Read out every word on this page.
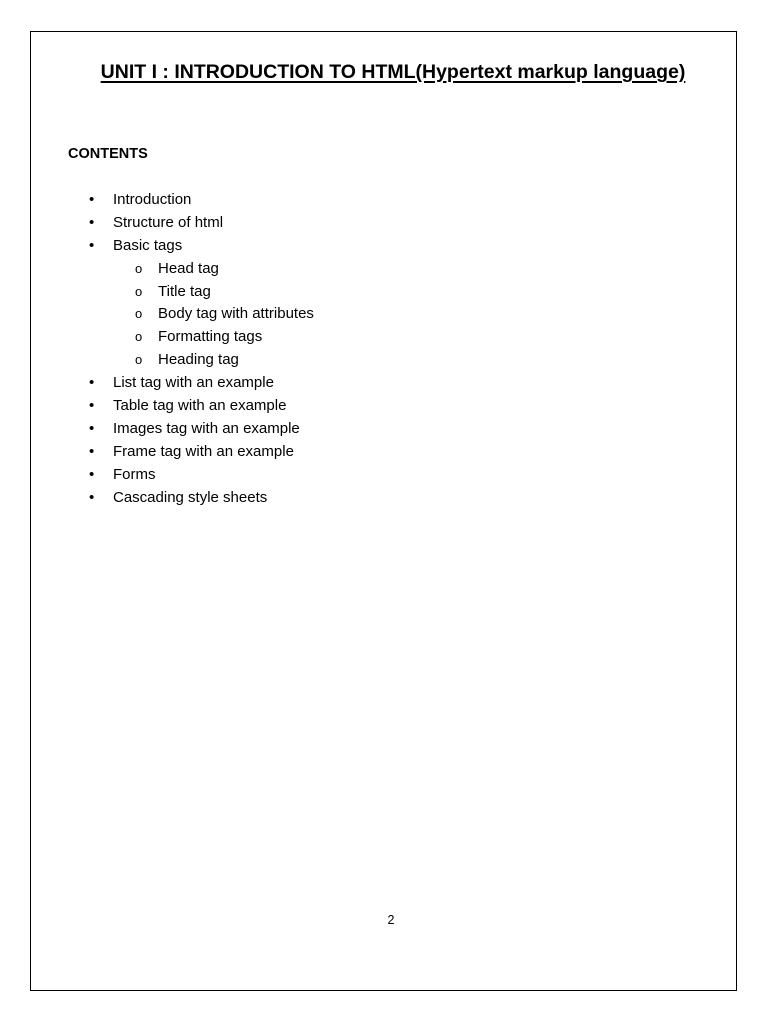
UNIT I : INTRODUCTION TO HTML(Hypertext markup language)
CONTENTS
• Introduction
• Structure of html
• Basic tags
o Head tag
o Title tag
o Body tag with attributes
o Formatting tags
o Heading tag
• List tag with an example
• Table tag with an example
• Images tag with an example
• Frame tag with an example
• Forms
• Cascading style sheets
2
